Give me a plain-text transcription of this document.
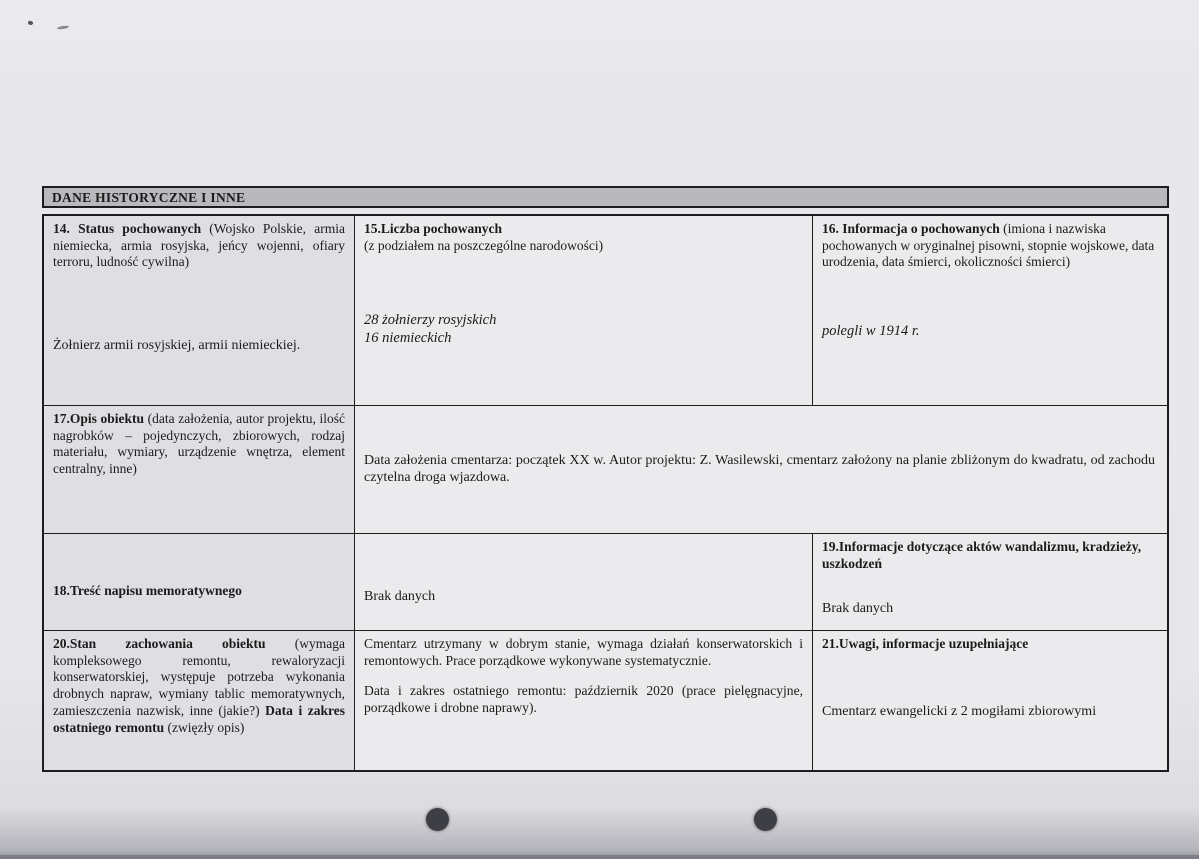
DANE HISTORYCZNE I INNE
14. Status pochowanych (Wojsko Polskie, armia niemiecka, armia rosyjska, jeńcy wojenni, ofiary terroru, ludność cywilna)
Żołnierz armii rosyjskiej, armii niemieckiej.
15.Liczba pochowanych
(z podziałem na poszczególne narodowości)
28 żołnierzy rosyjskich
16 niemieckich
16. Informacja o pochowanych (imiona i nazwiska pochowanych w oryginalnej pisowni, stopnie wojskowe, data urodzenia, data śmierci, okoliczności śmierci)
polegli w 1914 r.
17.Opis obiektu (data założenia, autor projektu, ilość nagrobków – pojedynczych, zbiorowych, rodzaj materiału, wymiary, urządzenie wnętrza, element centralny, inne)
Data założenia cmentarza: początek XX w. Autor projektu: Z. Wasilewski, cmentarz założony na planie zbliżonym do kwadratu, od zachodu czytelna droga wjazdowa.
18.Treść napisu memoratywnego	Brak danych
19.Informacje dotyczące aktów wandalizmu, kradzieży, uszkodzeń
Brak danych
20.Stan zachowania obiektu (wymaga kompleksowego remontu, rewaloryzacji konserwatorskiej, występuje potrzeba wykonania drobnych napraw, wymiany tablic memoratywnych, zamieszczenia nazwisk, inne (jakie?) Data i zakres ostatniego remontu (zwięzły opis)

Cmentarz utrzymany w dobrym stanie, wymaga działań konserwatorskich i remontowych. Prace porządkowe wykonywane systematycznie.

Data i zakres ostatniego remontu: październik 2020 (prace pielęgnacyjne, porządkowe i drobne naprawy).

21.Uwagi, informacje uzupełniające
Cmentarz ewangelicki z 2 mogiłami zbiorowymi
